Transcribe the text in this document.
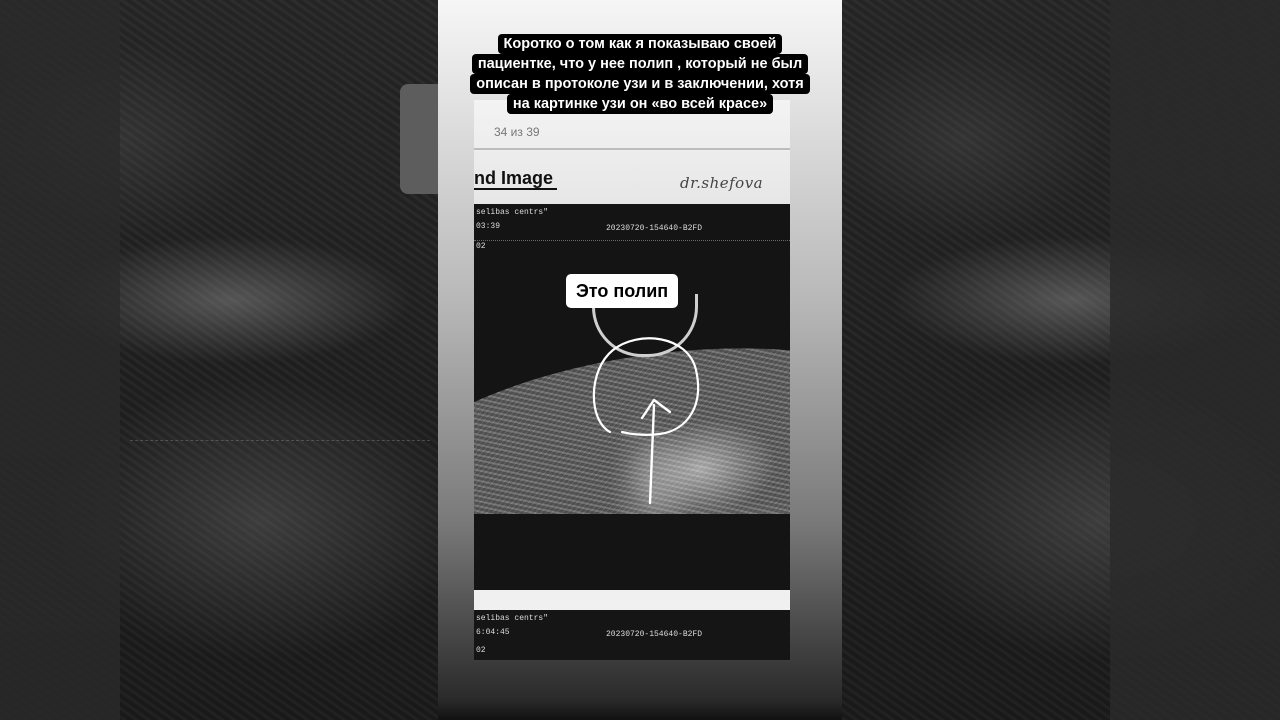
Коротко о том как я показываю своей
пациентке, что у нее полип , который не был
описан в протоколе узи и в заключении, хотя
на картинке узи он «во всей красе»
34 из 39
nd Image	dr.shefova
selibas centrs"
03:39	20230720-154640-B2FD
02
selibas centrs"
6:04:45	20230720-154640-B2FD
02
Это полип
